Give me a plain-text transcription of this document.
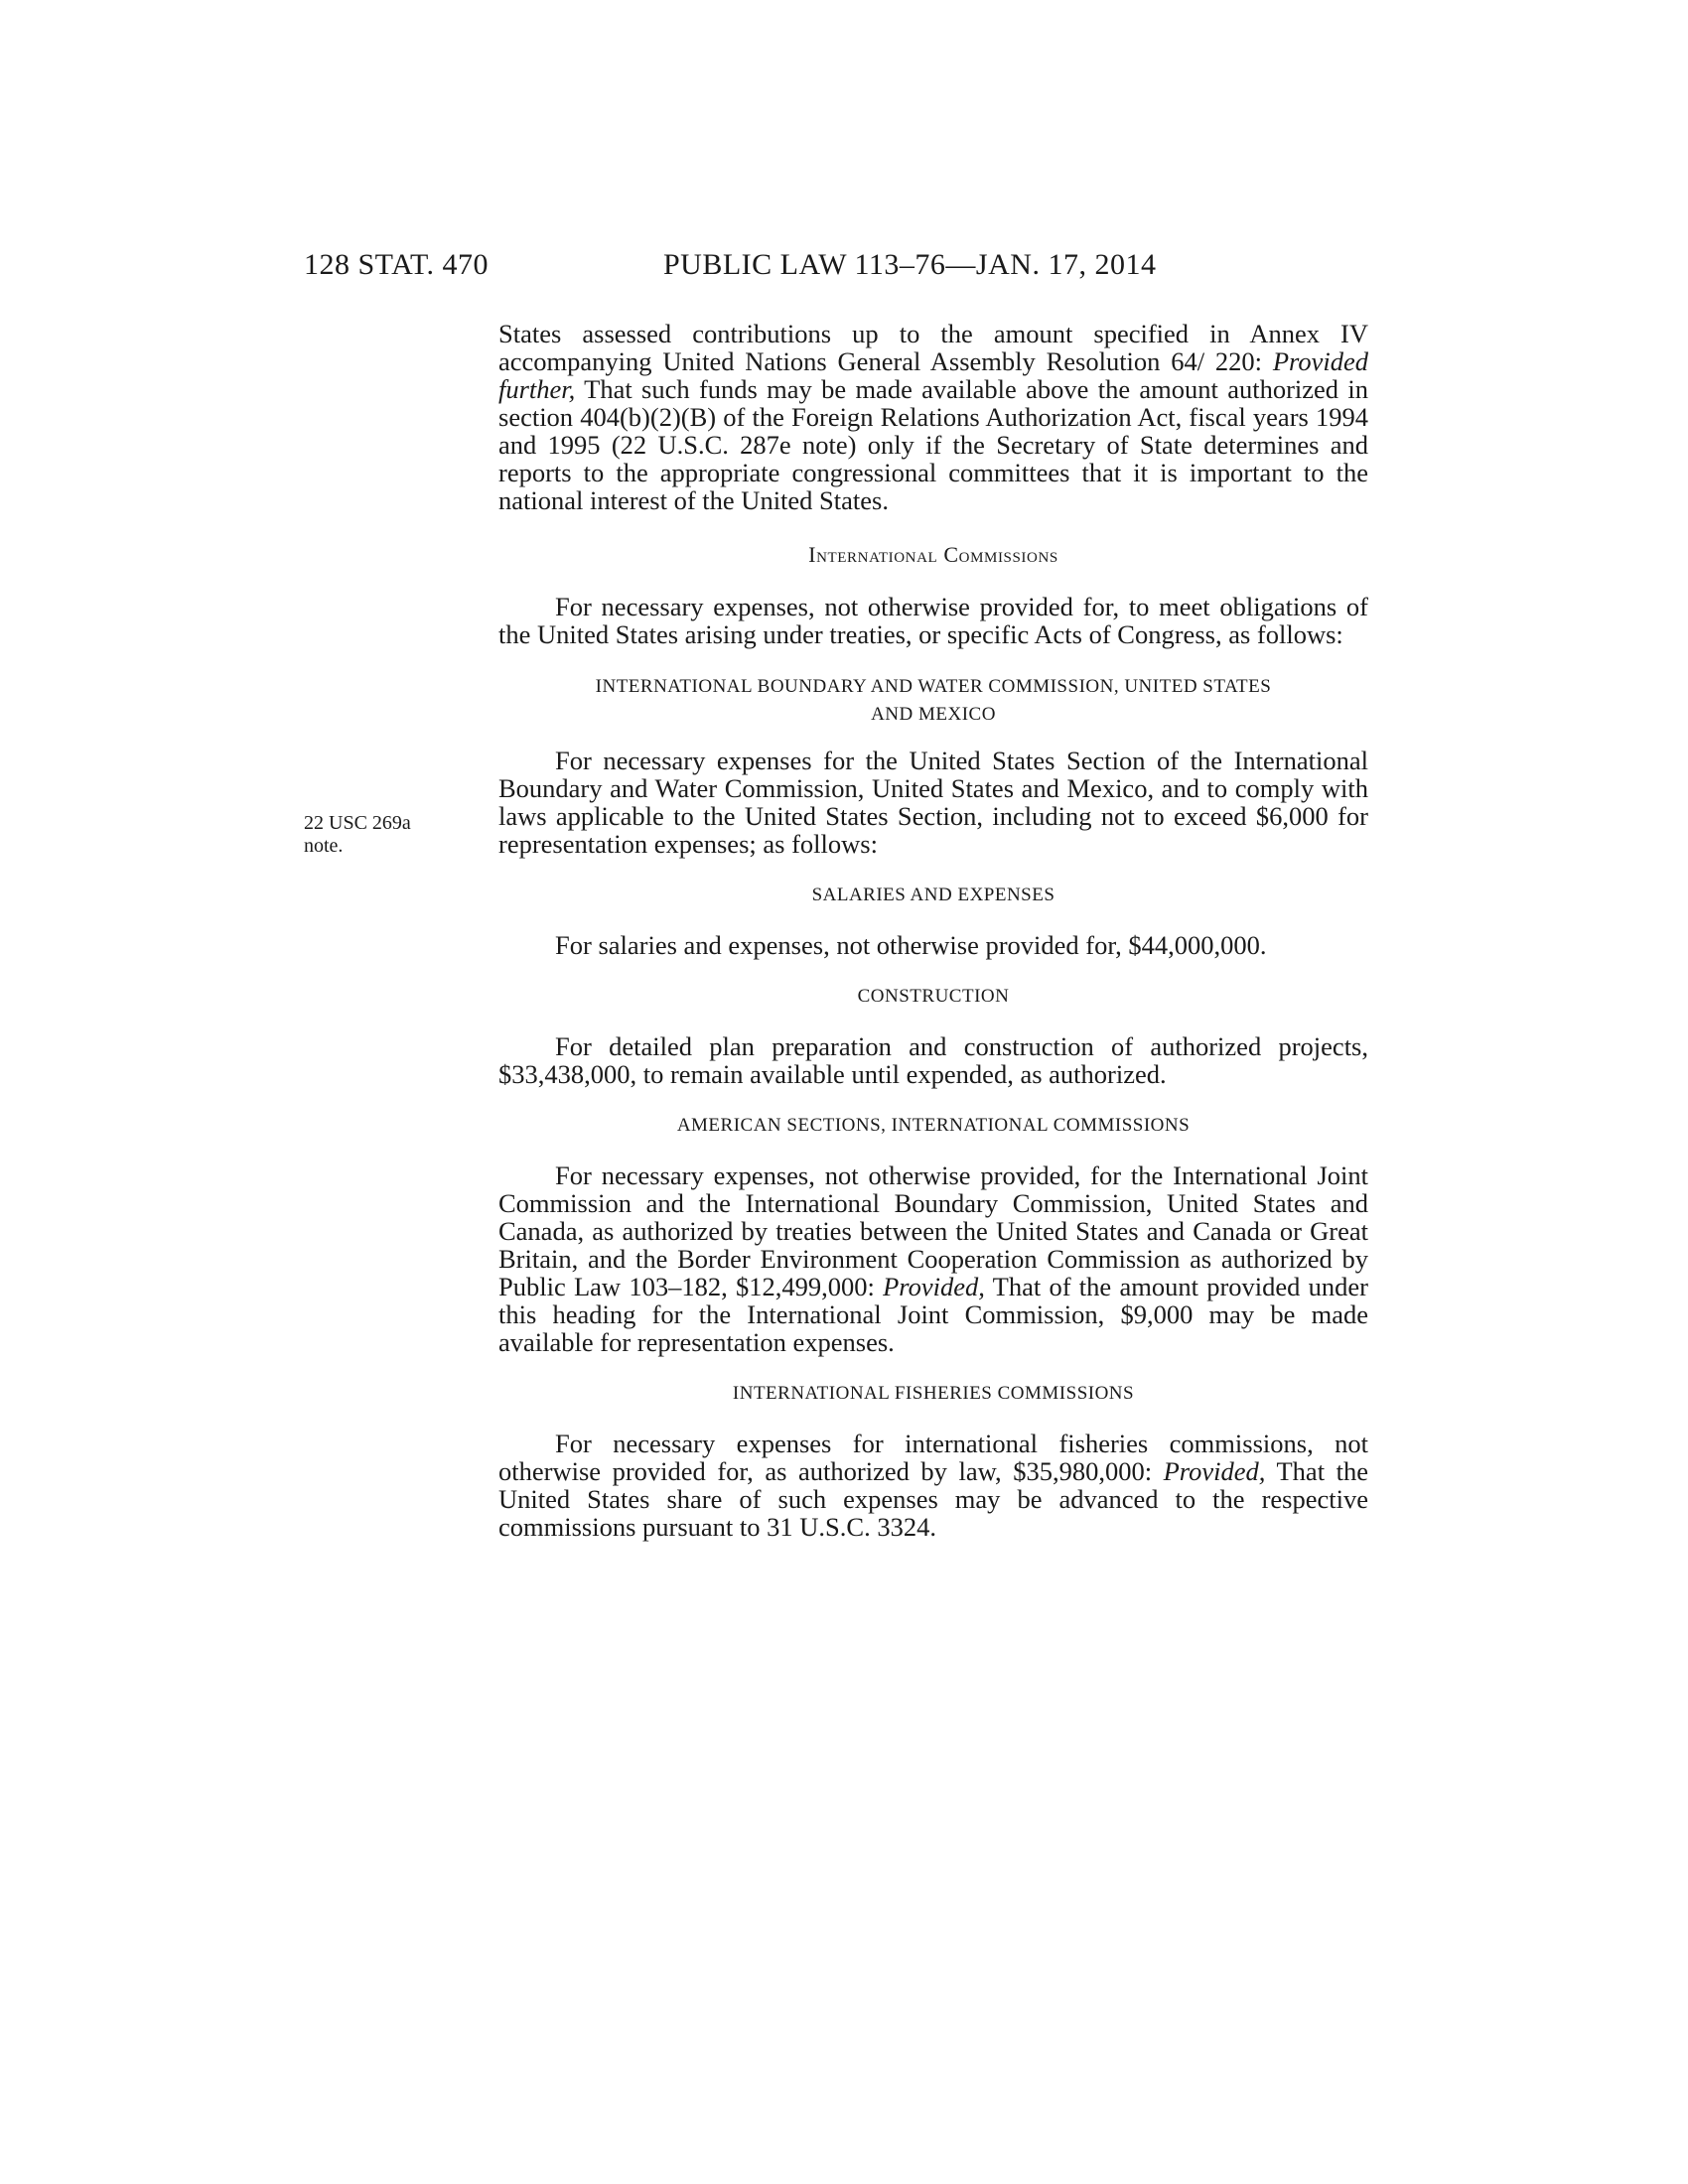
128 STAT. 470	PUBLIC LAW 113–76—JAN. 17, 2014
22 USC 269a
note.

States assessed contributions up to the amount specified in Annex IV accompanying United Nations General Assembly Resolution 64/ 220: Provided further, That such funds may be made available above the amount authorized in section 404(b)(2)(B) of the Foreign Relations Authorization Act, fiscal years 1994 and 1995 (22 U.S.C. 287e note) only if the Secretary of State determines and reports to the appropriate congressional committees that it is important to the national interest of the United States.

International Commissions

For necessary expenses, not otherwise provided for, to meet obligations of the United States arising under treaties, or specific Acts of Congress, as follows:

INTERNATIONAL BOUNDARY AND WATER COMMISSION, UNITED STATES
AND MEXICO

For necessary expenses for the United States Section of the International Boundary and Water Commission, United States and Mexico, and to comply with laws applicable to the United States Section, including not to exceed $6,000 for representation expenses; as follows:

SALARIES AND EXPENSES

For salaries and expenses, not otherwise provided for, $44,000,000.

CONSTRUCTION

For detailed plan preparation and construction of authorized projects, $33,438,000, to remain available until expended, as authorized.

AMERICAN SECTIONS, INTERNATIONAL COMMISSIONS

For necessary expenses, not otherwise provided, for the International Joint Commission and the International Boundary Commission, United States and Canada, as authorized by treaties between the United States and Canada or Great Britain, and the Border Environment Cooperation Commission as authorized by Public Law 103–182, $12,499,000: Provided, That of the amount provided under this heading for the International Joint Commission, $9,000 may be made available for representation expenses.

INTERNATIONAL FISHERIES COMMISSIONS

For necessary expenses for international fisheries commissions, not otherwise provided for, as authorized by law, $35,980,000: Provided, That the United States share of such expenses may be advanced to the respective commissions pursuant to 31 U.S.C. 3324.
